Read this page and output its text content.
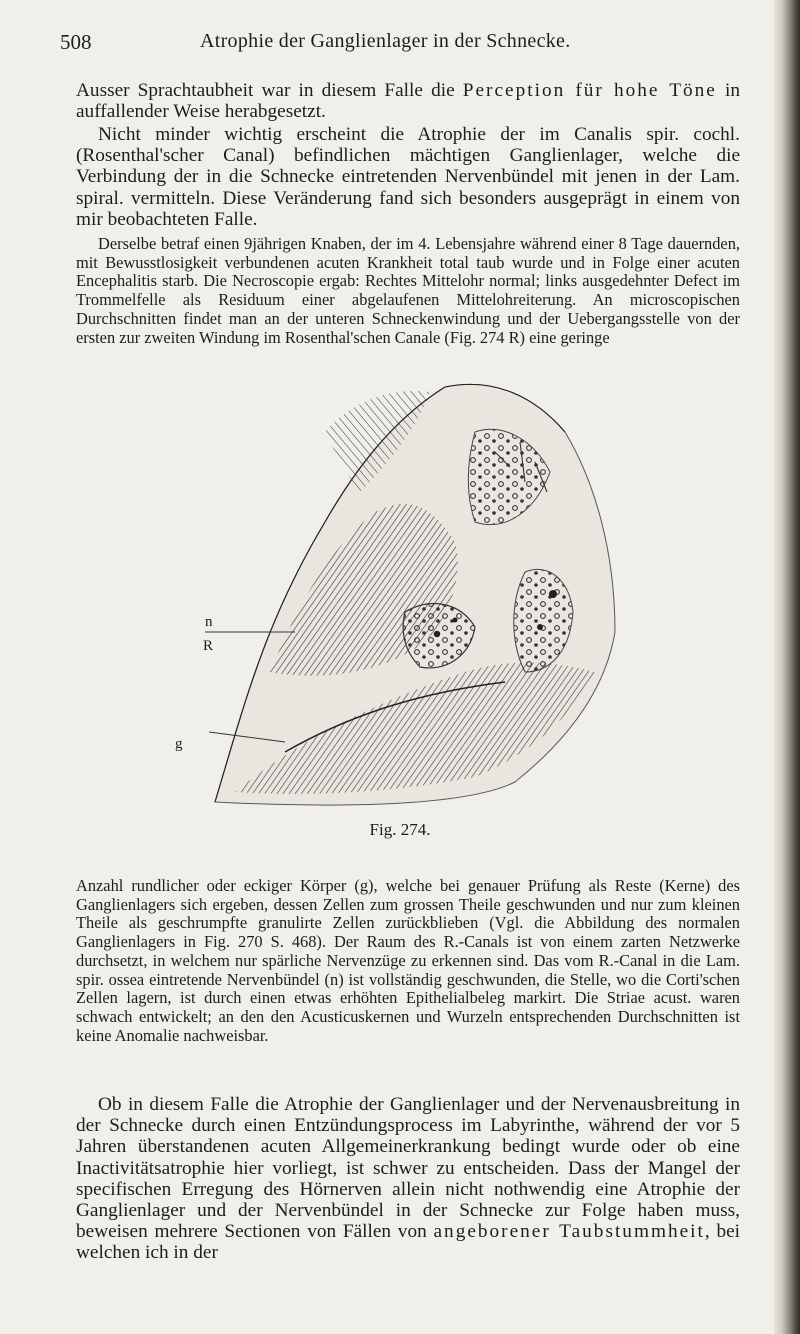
508	Atrophie der Ganglienlager in der Schnecke.

Ausser Sprachtaubheit war in diesem Falle die Perception für hohe Töne in auffallender Weise herabgesetzt.

Nicht minder wichtig erscheint die Atrophie der im Canalis spir. cochl. (Rosenthal'scher Canal) befindlichen mächtigen Ganglienlager, welche die Verbindung der in die Schnecke eintretenden Nervenbündel mit jenen in der Lam. spiral. vermitteln. Diese Veränderung fand sich besonders ausgeprägt in einem von mir beobachteten Falle.

Derselbe betraf einen 9jährigen Knaben, der im 4. Lebensjahre während einer 8 Tage dauernden, mit Bewusstlosigkeit verbundenen acuten Krankheit total taub wurde und in Folge einer acuten Encephalitis starb. Die Necroscopie ergab: Rechtes Mittelohr normal; links ausgedehnter Defect im Trommelfelle als Residuum einer abgelaufenen Mittelohreiterung. An microscopischen Durchschnitten findet man an der unteren Schneckenwindung und der Uebergangsstelle von der ersten zur zweiten Windung im Rosenthal'schen Canale (Fig. 274 R) eine geringe

n
R
g
Fig. 274.

Anzahl rundlicher oder eckiger Körper (g), welche bei genauer Prüfung als Reste (Kerne) des Ganglienlagers sich ergeben, dessen Zellen zum grossen Theile geschwunden und nur zum kleinen Theile als geschrumpfte granulirte Zellen zurückblieben (Vgl. die Abbildung des normalen Ganglienlagers in Fig. 270 S. 468). Der Raum des R.-Canals ist von einem zarten Netzwerke durchsetzt, in welchem nur spärliche Nervenzüge zu erkennen sind. Das vom R.-Canal in die Lam. spir. ossea eintretende Nervenbündel (n) ist vollständig geschwunden, die Stelle, wo die Corti'schen Zellen lagern, ist durch einen etwas erhöhten Epithelialbeleg markirt. Die Striae acust. waren schwach entwickelt; an den den Acusticuskernen und Wurzeln entsprechenden Durchschnitten ist keine Anomalie nachweisbar.

Ob in diesem Falle die Atrophie der Ganglienlager und der Nervenausbreitung in der Schnecke durch einen Entzündungsprocess im Labyrinthe, während der vor 5 Jahren überstandenen acuten Allgemeinerkrankung bedingt wurde oder ob eine Inactivitätsatrophie hier vorliegt, ist schwer zu entscheiden. Dass der Mangel der specifischen Erregung des Hörnerven allein nicht nothwendig eine Atrophie der Ganglienlager und der Nervenbündel in der Schnecke zur Folge haben muss, beweisen mehrere Sectionen von Fällen von angeborener Taubstummheit, bei welchen ich in der
